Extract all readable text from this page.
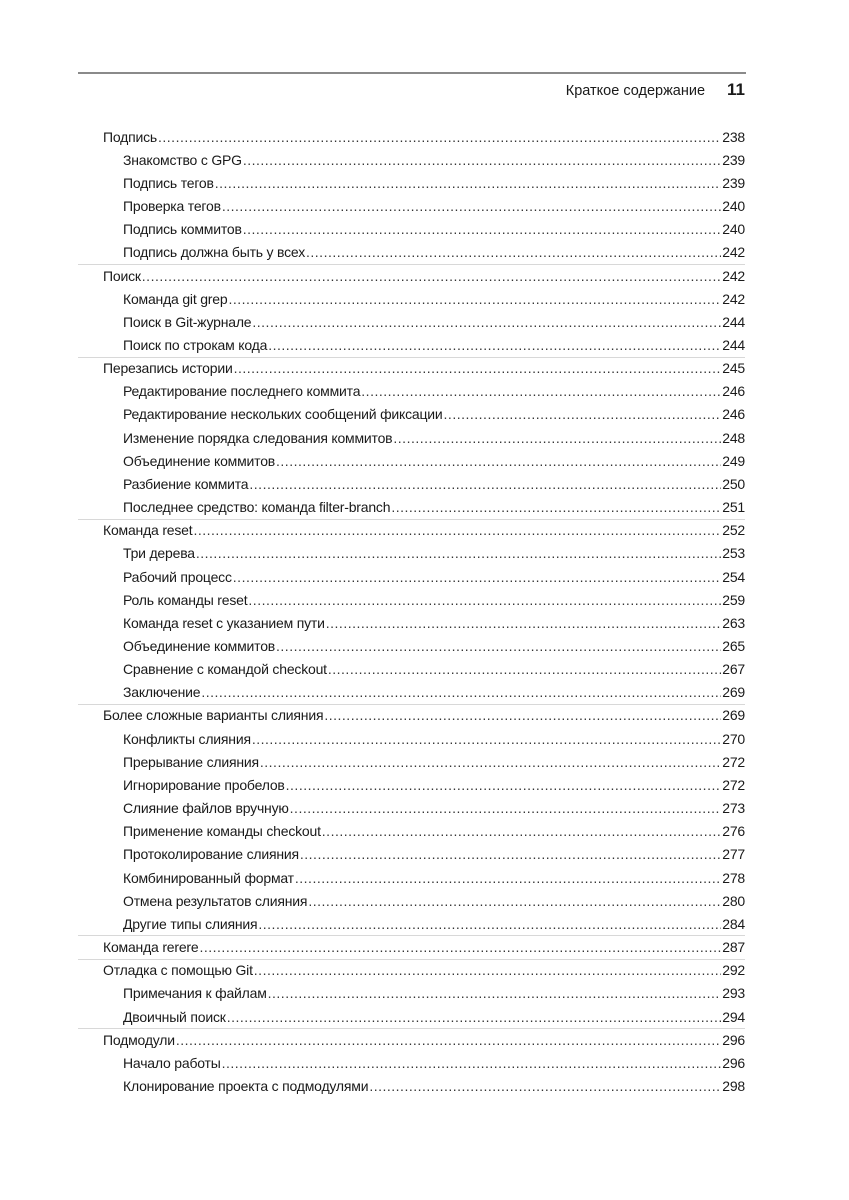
Краткое содержание 11
Подпись .....	238
Знакомство с GPG .....	239
Подпись тегов .....	239
Проверка тегов .....	240
Подпись коммитов .....	240
Подпись должна быть у всех .....	242
Поиск .....	242
Команда git grep .....	242
Поиск в Git-журнале .....	244
Поиск по строкам кода .....	244
Перезапись истории .....	245
Редактирование последнего коммита .....	246
Редактирование нескольких сообщений фиксации .....	246
Изменение порядка следования коммитов .....	248
Объединение коммитов .....	249
Разбиение коммита .....	250
Последнее средство: команда filter-branch .....	251
Команда reset .....	252
Три дерева .....	253
Рабочий процесс .....	254
Роль команды reset .....	259
Команда reset с указанием пути .....	263
Объединение коммитов .....	265
Сравнение с командой checkout .....	267
Заключение .....	269
Более сложные варианты слияния .....	269
Конфликты слияния .....	270
Прерывание слияния .....	272
Игнорирование пробелов .....	272
Слияние файлов вручную .....	273
Применение команды checkout .....	276
Протоколирование слияния .....	277
Комбинированный формат .....	278
Отмена результатов слияния .....	280
Другие типы слияния .....	284
Команда rerere .....	287
Отладка с помощью Git .....	292
Примечания к файлам .....	293
Двоичный поиск .....	294
Подмодули .....	296
Начало работы .....	296
Клонирование проекта с подмодулями .....	298
